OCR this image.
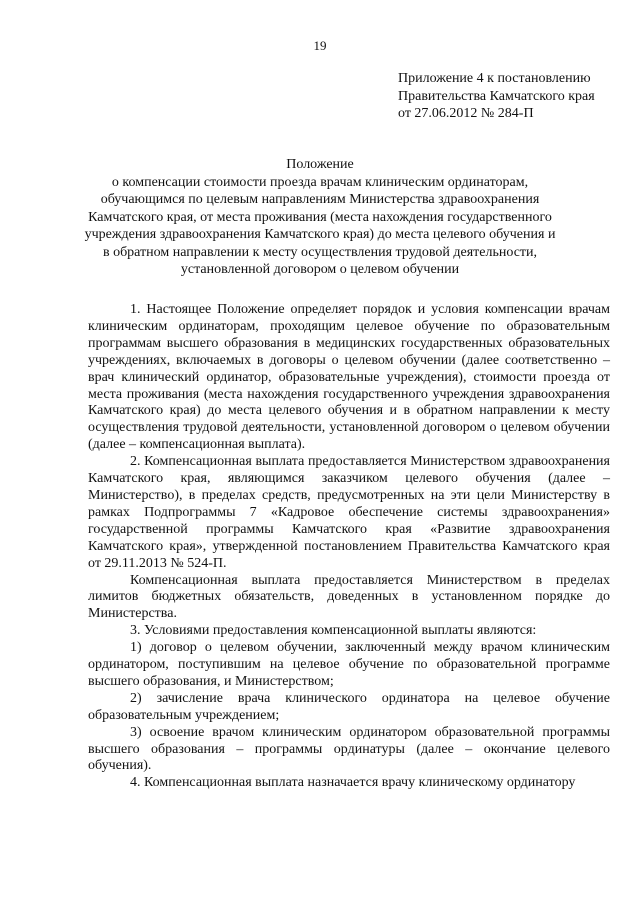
19
Приложение 4 к постановлению
Правительства Камчатского края
от 27.06.2012 № 284-П
Положение
о компенсации стоимости проезда врачам клиническим ординаторам,
обучающимся по целевым направлениям Министерства здравоохранения
Камчатского края, от места проживания (места нахождения государственного
учреждения здравоохранения Камчатского края) до места целевого обучения и
в обратном направлении к месту осуществления трудовой деятельности,
установленной договором о целевом обучении

1. Настоящее Положение определяет порядок и условия компенсации врачам клиническим ординаторам, проходящим целевое обучение по образовательным программам высшего образования в медицинских государственных образовательных учреждениях, включаемых в договоры о целевом обучении (далее соответственно – врач клинический ординатор, образовательные учреждения), стоимости проезда от места проживания (места нахождения государственного учреждения здравоохранения Камчатского края) до места целевого обучения и в обратном направлении к месту осуществления трудовой деятельности, установленной договором о целевом обучении (далее – компенсационная выплата).

2. Компенсационная выплата предоставляется Министерством здравоохранения Камчатского края, являющимся заказчиком целевого обучения (далее – Министерство), в пределах средств, предусмотренных на эти цели Министерству в рамках Подпрограммы 7 «Кадровое обеспечение системы здравоохранения» государственной программы Камчатского края «Развитие здравоохранения Камчатского края», утвержденной постановлением Правительства Камчатского края от 29.11.2013 № 524-П.

Компенсационная выплата предоставляется Министерством в пределах лимитов бюджетных обязательств, доведенных в установленном порядке до Министерства.

3. Условиями предоставления компенсационной выплаты являются:

1) договор о целевом обучении, заключенный между врачом клиническим ординатором, поступившим на целевое обучение по образовательной программе высшего образования, и Министерством;

2) зачисление врача клинического ординатора на целевое обучение образовательным учреждением;

3) освоение врачом клиническим ординатором образовательной программы высшего образования – программы ординатуры (далее – окончание целевого обучения).

4. Компенсационная выплата назначается врачу клиническому ординатору
